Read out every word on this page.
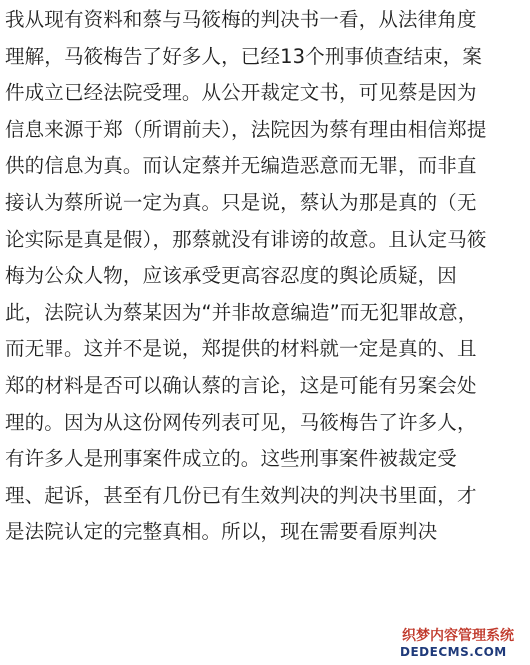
我从现有资料和蔡与马筱梅的判决书一看，从法律角度
理解，马筱梅告了好多人，已经13个刑事侦查结束，案
件成立已经法院受理。从公开裁定文书，可见蔡是因为
信息来源于郑（所谓前夫），法院因为蔡有理由相信郑提
供的信息为真。而认定蔡并无编造恶意而无罪，而非直
接认为蔡所说一定为真。只是说，蔡认为那是真的（无
论实际是真是假），那蔡就没有诽谤的故意。且认定马筱
梅为公众人物，应该承受更高容忍度的舆论质疑，因
此，法院认为蔡某因为“并非故意编造”而无犯罪故意，
而无罪。这并不是说，郑提供的材料就一定是真的、且
郑的材料是否可以确认蔡的言论，这是可能有另案会处
理的。因为从这份网传列表可见，马筱梅告了许多人，
有许多人是刑事案件成立的。这些刑事案件被裁定受
理、起诉，甚至有几份已有生效判决的判决书里面，才
是法院认定的完整真相。所以，现在需要看原判决
织梦内容管理系统
DEDECMS.COM
